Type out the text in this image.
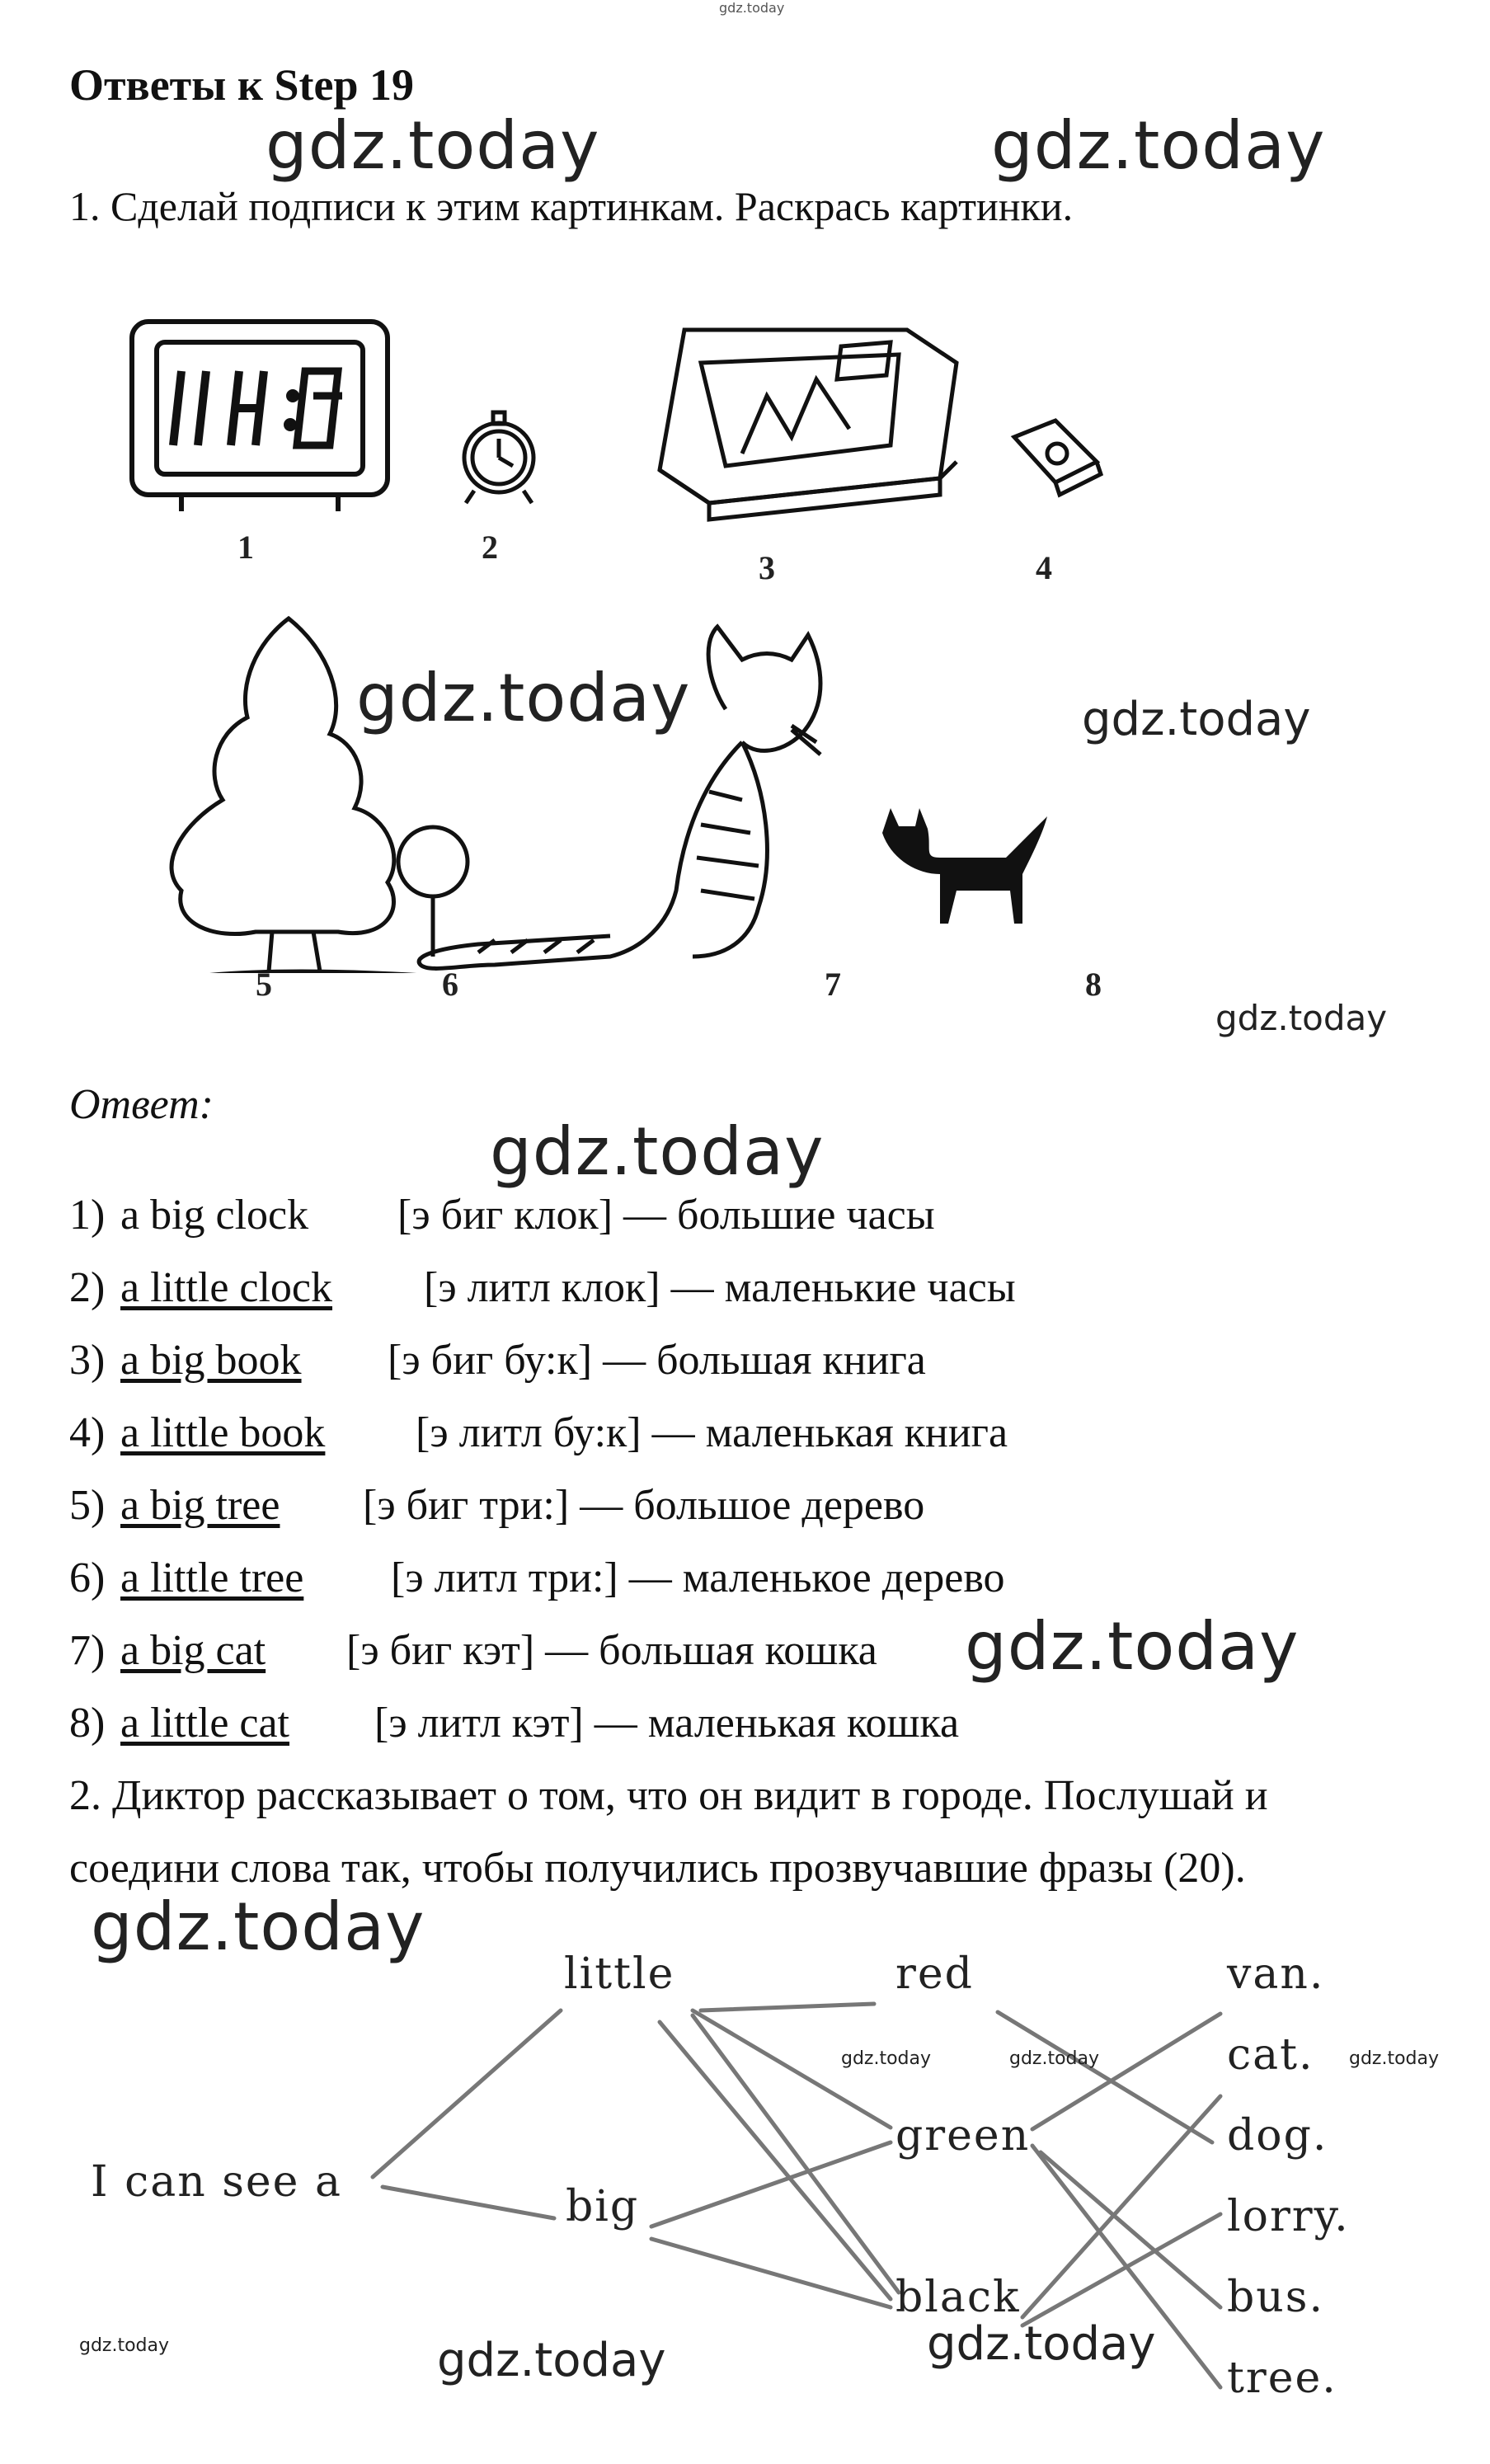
gdz.today
Ответы к Step 19
gdz.today	gdz.today
1. Сделай подписи к этим картинкам. Раскрась картинки.
1	2
3	4
5	6	7	8
gdz.today	gdz.today
gdz.today
Ответ:
gdz.today
1) a big clock [э биг клок] — большие часы
2) a little clock [э литл клок] — маленькие часы
3) a big book [э биг бу:к] — большая книга
4) a little book [э литл бу:к] — маленькая книга
5) a big tree [э биг три:] — большое дерево
6) a little tree [э литл три:] — маленькое дерево
7) a big cat [э биг кэт] — большая кошка
8) a little cat [э литл кэт] — маленькая кошка
gdz.today
2. Диктор рассказывает о том, что он видит в городе. Послушай и
соедини слова так, чтобы получились прозвучавшие фразы (20).
gdz.today
I can see a
little
big
red
green
black
van.
cat.
dog.
lorry.
bus.
tree.
gdz.today	gdz.today	gdz.today
gdz.today	gdz.today	gdz.today
